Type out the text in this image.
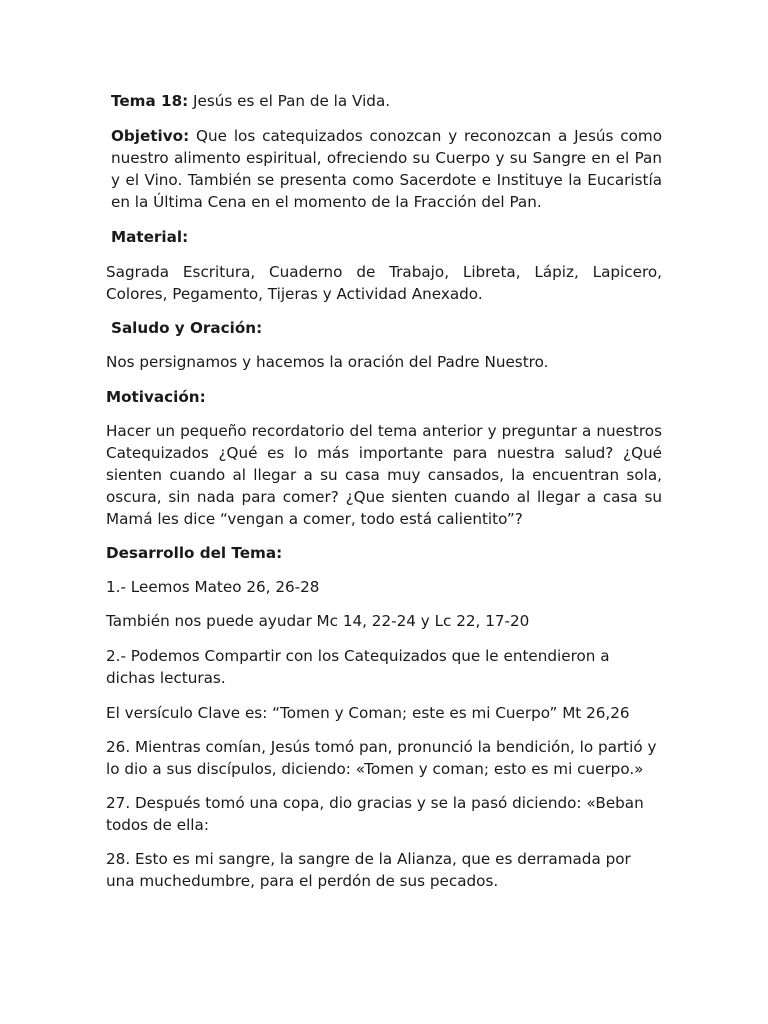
Tema 18: Jesús es el Pan de la Vida.

Objetivo: Que los catequizados conozcan y reconozcan a Jesús como nuestro alimento espiritual, ofreciendo su Cuerpo y su Sangre en el Pan y el Vino. También se presenta como Sacerdote e Instituye la Eucaristía en la Última Cena en el momento de la Fracción del Pan.

Material:

Sagrada Escritura, Cuaderno de Trabajo, Libreta, Lápiz, Lapicero, Colores, Pegamento, Tijeras y Actividad Anexado.

Saludo y Oración:

Nos persignamos y hacemos la oración del Padre Nuestro.

Motivación:

Hacer un pequeño recordatorio del tema anterior y preguntar a nuestros Catequizados ¿Qué es lo más importante para nuestra salud? ¿Qué sienten cuando al llegar a su casa muy cansados, la encuentran sola, oscura, sin nada para comer? ¿Que sienten cuando al llegar a casa su Mamá les dice “vengan a comer, todo está calientito”?

Desarrollo del Tema:

1.- Leemos Mateo 26, 26-28

También nos puede ayudar Mc 14, 22-24 y Lc 22, 17-20

2.- Podemos Compartir con los Catequizados que le entendieron a dichas lecturas.

El versículo Clave es: “Tomen y Coman; este es mi Cuerpo” Mt 26,26

26. Mientras comían, Jesús tomó pan, pronunció la bendición, lo partió y lo dio a sus discípulos, diciendo: «Tomen y coman; esto es mi cuerpo.»

27. Después tomó una copa, dio gracias y se la pasó diciendo: «Beban todos de ella:

28. Esto es mi sangre, la sangre de la Alianza, que es derramada por una muchedumbre, para el perdón de sus pecados.
